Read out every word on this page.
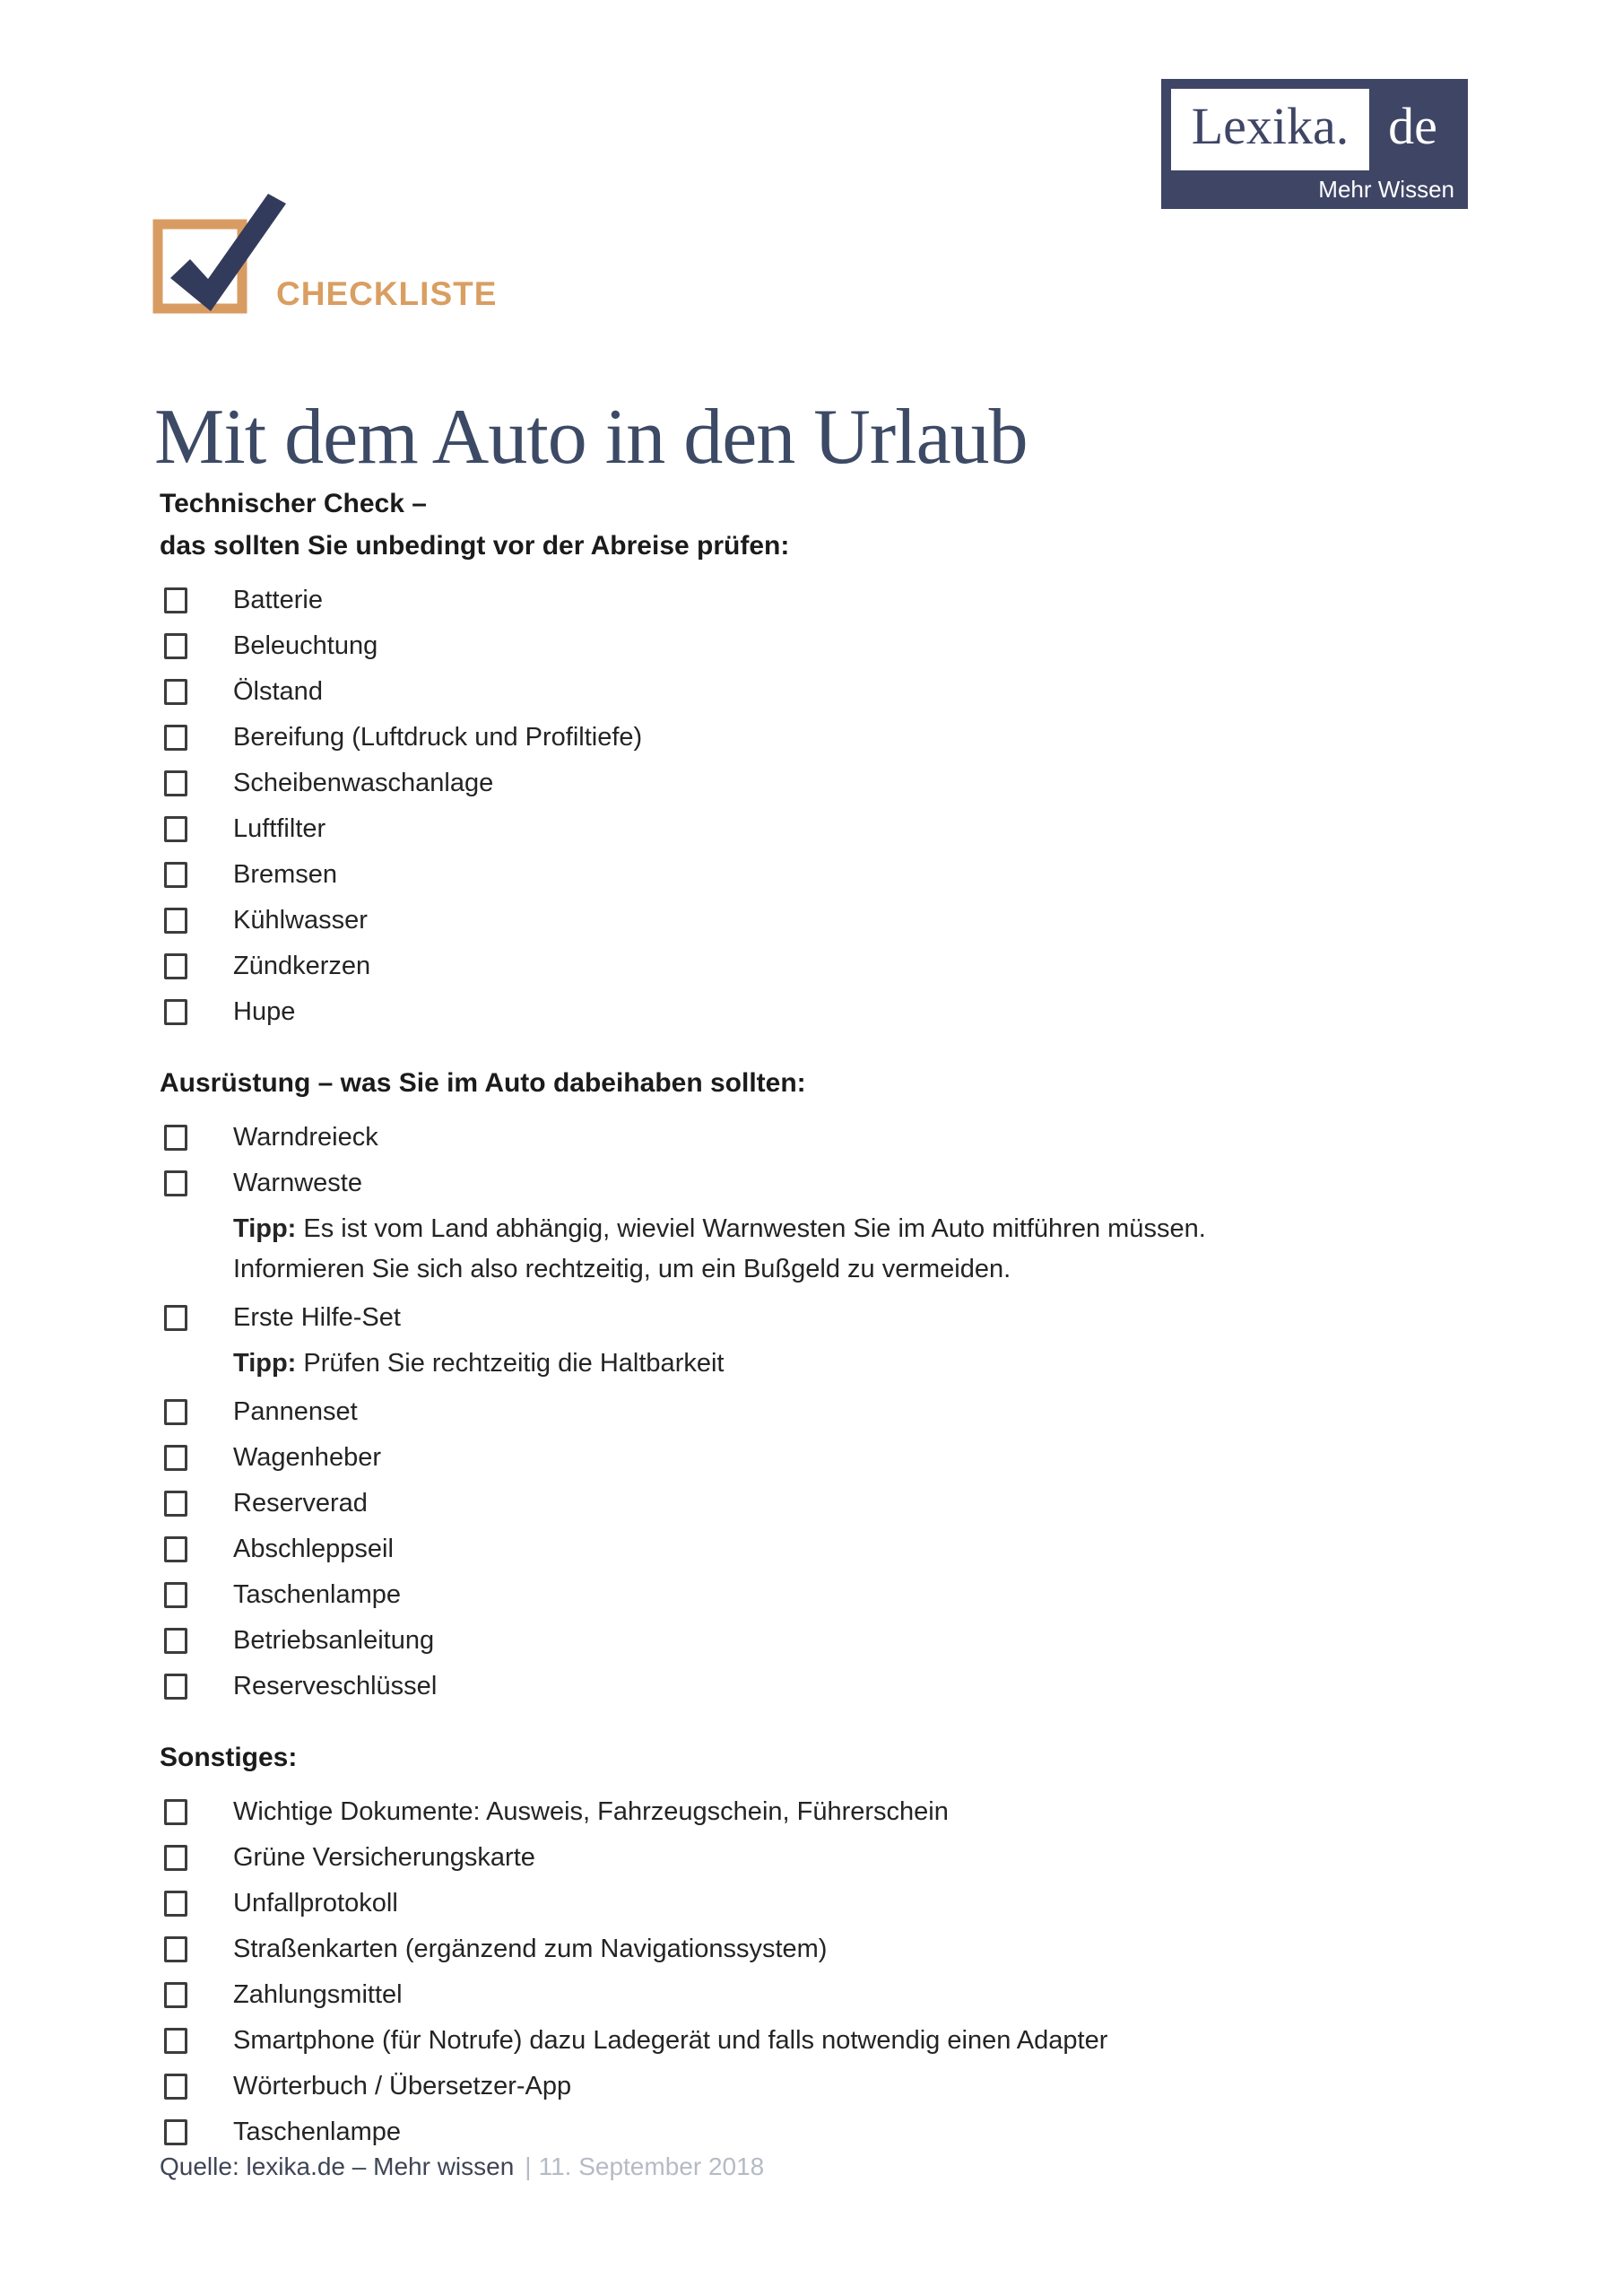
Lexika. de
Mehr Wissen
CHECKLISTE
Mit dem Auto in den Urlaub
Technischer Check –
das sollten Sie unbedingt vor der Abreise prüfen:
Batterie
Beleuchtung
Ölstand
Bereifung (Luftdruck und Profiltiefe)
Scheibenwaschanlage
Luftfilter
Bremsen
Kühlwasser
Zündkerzen
Hupe
Ausrüstung – was Sie im Auto dabeihaben sollten:
Warndreieck
Warnweste
Tipp: Es ist vom Land abhängig, wieviel Warnwesten Sie im Auto mitführen müssen.
Informieren Sie sich also rechtzeitig, um ein Bußgeld zu vermeiden.
Erste Hilfe-Set
Tipp: Prüfen Sie rechtzeitig die Haltbarkeit
Pannenset
Wagenheber
Reserverad
Abschleppseil
Taschenlampe
Betriebsanleitung
Reserveschlüssel
Sonstiges:
Wichtige Dokumente: Ausweis, Fahrzeugschein, Führerschein
Grüne Versicherungskarte
Unfallprotokoll
Straßenkarten (ergänzend zum Navigationssystem)
Zahlungsmittel
Smartphone (für Notrufe) dazu Ladegerät und falls notwendig einen Adapter
Wörterbuch / Übersetzer-App
Taschenlampe
Quelle: lexika.de – Mehr wissen | 11. September 2018
